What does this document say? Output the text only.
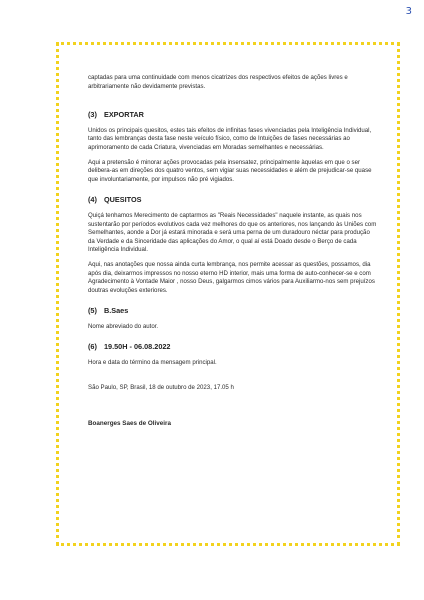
3

captadas para uma continuidade com menos cicatrizes dos respectivos efeitos de ações livres e arbitrariamente não devidamente previstas.

(3) EXPORTAR

Unidos os principais quesitos, estes tais efeitos de infinitas fases vivenciadas pela Inteligência Individual, tanto das lembranças desta fase neste veículo físico, como de Intuições de fases necessárias ao aprimoramento de cada Criatura, vivenciadas em Moradas semelhantes e necessárias.

Aqui a pretensão é minorar ações provocadas pela insensatez, principalmente àquelas em que o ser delibera-as em direções dos quatro ventos, sem vigiar suas necessidades e além de prejudicar-se quase que involuntariamente, por impulsos não pré vigiados.

(4) QUESITOS

Quiçá tenhamos Merecimento de captarmos as "Reais Necessidades" naquele instante, as quais nos sustentarão por períodos evolutivos cada vez melhores do que os anteriores, nos lançando às Uniões com Semelhantes, aonde a Dor já estará minorada e será uma perna de um duradouro néctar para produção da Verdade e da Sinceridade das aplicações do Amor, o qual aí está Doado desde o Berço de cada Inteligência Individual.

Aqui, nas anotações que nossa ainda curta lembrança, nos permite acessar as questões, possamos, dia após dia, deixarmos impressos no nosso eterno HD interior, mais uma forma de auto-conhecer-se e com Agradecimento à Vontade Maior , nosso Deus, galgarmos cimos vários para Auxiliarmo-nos sem prejuízos doutras evoluções exteriores.

(5) B.Saes

Nome abreviado do autor.

(6) 19.50H - 06.08.2022

Hora e data do término da mensagem principal.

São Paulo, SP, Brasil, 18 de outubro de 2023, 17.05 h

Boanerges Saes de Oliveira
